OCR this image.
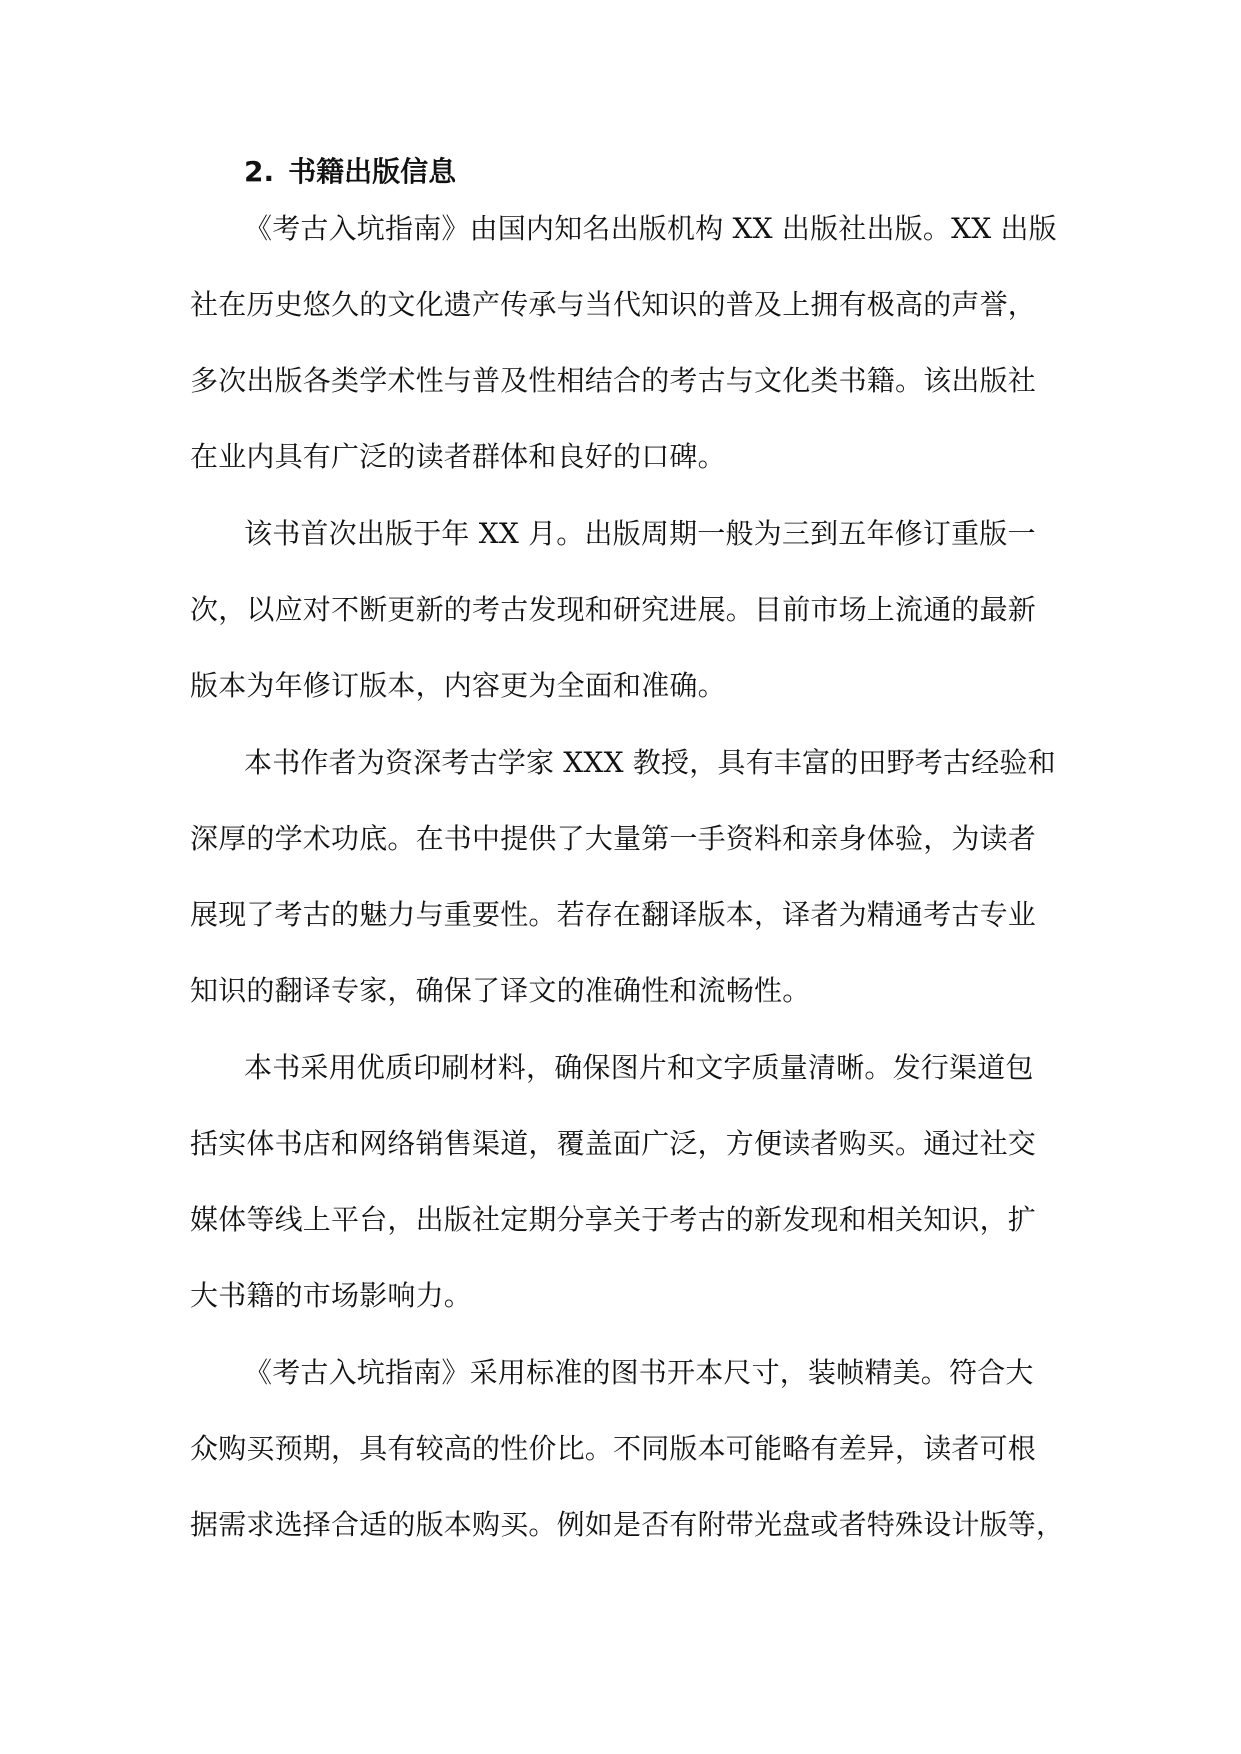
2. 书籍出版信息
《考古入坑指南》由国内知名出版机构 XX 出版社出版。XX 出版
社在历史悠久的文化遗产传承与当代知识的普及上拥有极高的声誉，
多次出版各类学术性与普及性相结合的考古与文化类书籍。该出版社
在业内具有广泛的读者群体和良好的口碑。
该书首次出版于年 XX 月。出版周期一般为三到五年修订重版一
次，以应对不断更新的考古发现和研究进展。目前市场上流通的最新
版本为年修订版本，内容更为全面和准确。
本书作者为资深考古学家 XXX 教授，具有丰富的田野考古经验和
深厚的学术功底。在书中提供了大量第一手资料和亲身体验，为读者
展现了考古的魅力与重要性。若存在翻译版本，译者为精通考古专业
知识的翻译专家，确保了译文的准确性和流畅性。
本书采用优质印刷材料，确保图片和文字质量清晰。发行渠道包
括实体书店和网络销售渠道，覆盖面广泛，方便读者购买。通过社交
媒体等线上平台，出版社定期分享关于考古的新发现和相关知识，扩
大书籍的市场影响力。
《考古入坑指南》采用标准的图书开本尺寸，装帧精美。符合大
众购买预期，具有较高的性价比。不同版本可能略有差异，读者可根
据需求选择合适的版本购买。例如是否有附带光盘或者特殊设计版等，
